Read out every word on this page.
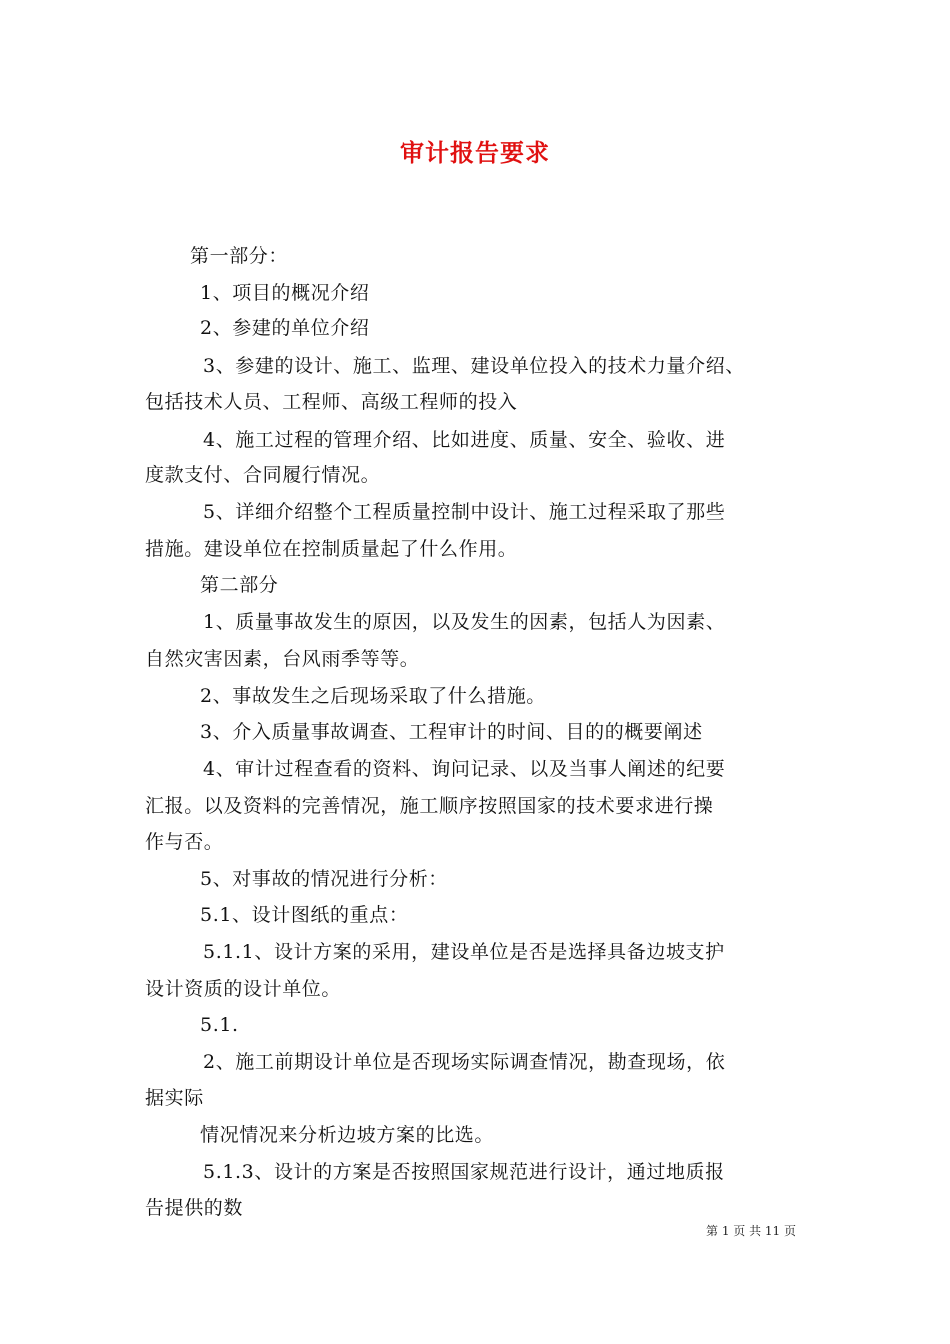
审计报告要求
第一部分：
1、项目的概况介绍
2、参建的单位介绍
3、参建的设计、施工、监理、建设单位投入的技术力量介绍、
包括技术人员、工程师、高级工程师的投入
4、施工过程的管理介绍、比如进度、质量、安全、验收、进
度款支付、合同履行情况。
5、详细介绍整个工程质量控制中设计、施工过程采取了那些
措施。建设单位在控制质量起了什么作用。
第二部分
1、质量事故发生的原因，以及发生的因素，包括人为因素、
自然灾害因素，台风雨季等等。
2、事故发生之后现场采取了什么措施。
3、介入质量事故调查、工程审计的时间、目的的概要阐述
4、审计过程查看的资料、询问记录、以及当事人阐述的纪要
汇报。以及资料的完善情况，施工顺序按照国家的技术要求进行操
作与否。
5、对事故的情况进行分析：
5.1、设计图纸的重点：
5.1.1、设计方案的采用，建设单位是否是选择具备边坡支护
设计资质的设计单位。
5.1.
2、施工前期设计单位是否现场实际调查情况，勘查现场，依
据实际
情况情况来分析边坡方案的比选。
5.1.3、设计的方案是否按照国家规范进行设计，通过地质报
告提供的数
第 1 页 共 11 页
